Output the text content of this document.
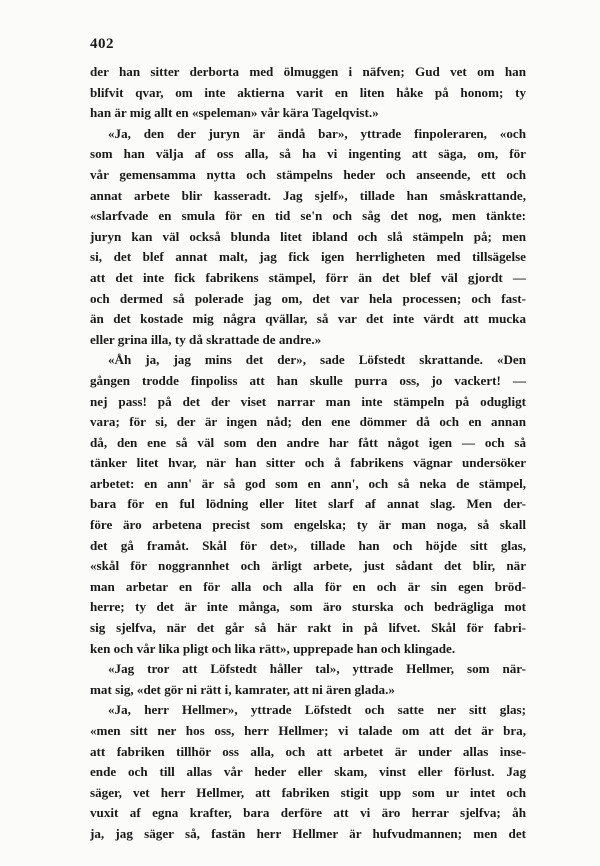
402
der han sitter derborta med ölmuggen i näfven; Gud vet om han
blifvit qvar, om inte aktierna varit en liten håke på honom; ty
han är mig allt en «speleman» vår kära Tagelqvist.»
«Ja, den der juryn är ändå bar», yttrade finpoleraren, «och
som han välja af oss alla, så ha vi ingenting att säga, om, för
vår gemensamma nytta och stämpelns heder och anseende, ett och
annat arbete blir kasseradt. Jag sjelf», tillade han småskrattande,
«slarfvade en smula för en tid se'n och såg det nog, men tänkte:
juryn kan väl också blunda litet ibland och slå stämpeln på; men
si, det blef annat malt, jag fick igen herrligheten med tillsägelse
att det inte fick fabrikens stämpel, förr än det blef väl gjordt —
och dermed så polerade jag om, det var hela processen; och fast-
än det kostade mig några qvällar, så var det inte värdt att mucka
eller grina illa, ty då skrattade de andre.»
«Åh ja, jag mins det der», sade Löfstedt skrattande. «Den
gången trodde finpoliss att han skulle purra oss, jo vackert! —
nej pass! på det der viset narrar man inte stämpeln på odugligt
vara; för si, der är ingen nåd; den ene dömmer då och en annan
då, den ene så väl som den andre har fått något igen — och så
tänker litet hvar, när han sitter och å fabrikens vägnar undersöker
arbetet: en ann' är så god som en ann', och så neka de stämpel,
bara för en ful lödning eller litet slarf af annat slag. Men der-
före äro arbetena precist som engelska; ty är man noga, så skall
det gå framåt. Skål för det», tillade han och höjde sitt glas,
«skål för noggrannhet och ärligt arbete, just sådant det blir, när
man arbetar en för alla och alla för en och är sin egen bröd-
herre; ty det är inte många, som äro sturska och bedrägliga mot
sig sjelfva, när det går så här rakt in på lifvet. Skål för fabri-
ken och vår lika pligt och lika rätt», upprepade han och klingade.
«Jag tror att Löfstedt håller tal», yttrade Hellmer, som när-
mat sig, «det gör ni rätt i, kamrater, att ni ären glada.»
«Ja, herr Hellmer», yttrade Löfstedt och satte ner sitt glas;
«men sitt ner hos oss, herr Hellmer; vi talade om att det är bra,
att fabriken tillhör oss alla, och att arbetet är under allas insе-
ende och till allas vår heder eller skam, vinst eller förlust. Jag
säger, vet herr Hellmer, att fabriken stigit upp som ur intet och
vuxit af egna krafter, bara derföre att vi äro herrar sjelfva; åh
ja, jag säger så, fastän herr Hellmer är hufvudmannen; men det
